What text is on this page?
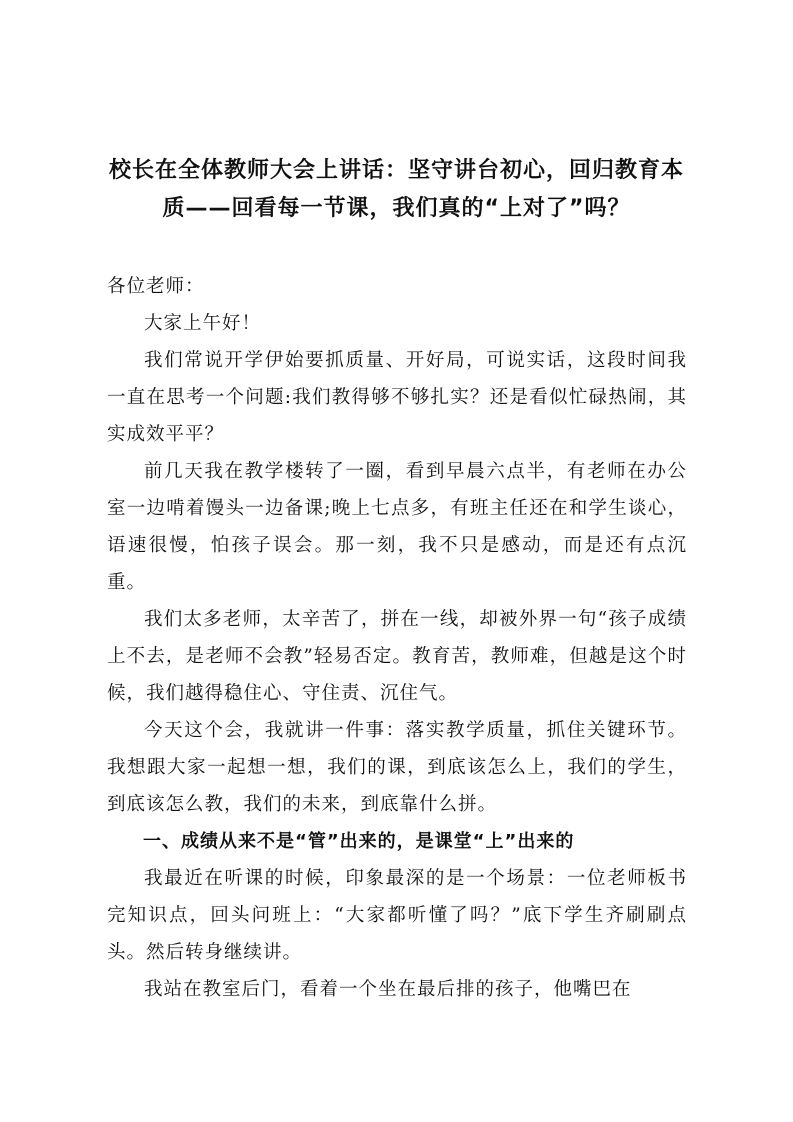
校长在全体教师大会上讲话：坚守讲台初心，回归教育本质——回看每一节课，我们真的“上对了”吗？

各位老师：

大家上午好！

我们常说开学伊始要抓质量、开好局，可说实话，这段时间我一直在思考一个问题:我们教得够不够扎实？还是看似忙碌热闹，其实成效平平？

前几天我在教学楼转了一圈，看到早晨六点半，有老师在办公室一边啃着馒头一边备课;晚上七点多，有班主任还在和学生谈心，语速很慢，怕孩子误会。那一刻，我不只是感动，而是还有点沉重。

我们太多老师，太辛苦了，拼在一线，却被外界一句“孩子成绩上不去，是老师不会教”轻易否定。教育苦，教师难，但越是这个时候，我们越得稳住心、守住责、沉住气。

今天这个会，我就讲一件事：落实教学质量，抓住关键环节。我想跟大家一起想一想，我们的课，到底该怎么上，我们的学生，到底该怎么教，我们的未来，到底靠什么拼。

一、成绩从来不是“管”出来的，是课堂“上”出来的

我最近在听课的时候，印象最深的是一个场景：一位老师板书完知识点，回头问班上：“大家都听懂了吗？”底下学生齐刷刷点头。然后转身继续讲。

我站在教室后门，看着一个坐在最后排的孩子，他嘴巴在
